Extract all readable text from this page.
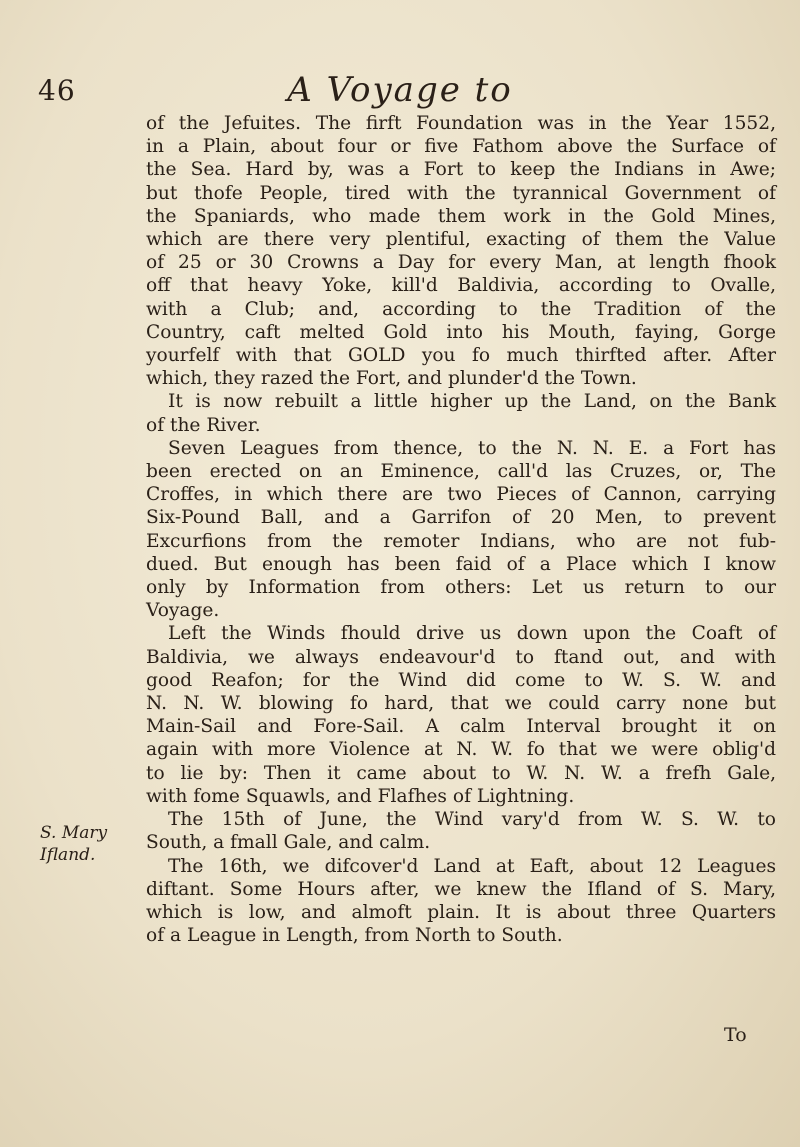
46	A Voyage to
S. Mary
Ifland.
of the Jefuites. The firft Foundation was in the Year 1552,
in a Plain, about four or five Fathom above the Surface of
the Sea. Hard by, was a Fort to keep the Indians in Awe;
but thofe People, tired with the tyrannical Government of
the Spaniards, who made them work in the Gold Mines,
which are there very plentiful, exacting of them the Value
of 25 or 30 Crowns a Day for every Man, at length fhook
off that heavy Yoke, kill'd Baldivia, according to Ovalle,
with a Club; and, according to the Tradition of the
Country, caft melted Gold into his Mouth, faying, Gorge
yourfelf with that GOLD you fo much thirfted after. After
which, they razed the Fort, and plunder'd the Town.
It is now rebuilt a little higher up the Land, on the Bank
of the River.
Seven Leagues from thence, to the N. N. E. a Fort has
been erected on an Eminence, call'd las Cruzes, or, The
Croffes, in which there are two Pieces of Cannon, carrying
Six-Pound Ball, and a Garrifon of 20 Men, to prevent
Excurfions from the remoter Indians, who are not fub-
dued. But enough has been faid of a Place which I know
only by Information from others: Let us return to our
Voyage.
Left the Winds fhould drive us down upon the Coaft of
Baldivia, we always endeavour'd to ftand out, and with
good Reafon; for the Wind did come to W. S. W. and
N. N. W. blowing fo hard, that we could carry none but
Main-Sail and Fore-Sail. A calm Interval brought it on
again with more Violence at N. W. fo that we were oblig'd
to lie by: Then it came about to W. N. W. a frefh Gale,
with fome Squawls, and Flafhes of Lightning.
The 15th of June, the Wind vary'd from W. S. W. to
South, a fmall Gale, and calm.
The 16th, we difcover'd Land at Eaft, about 12 Leagues
diftant. Some Hours after, we knew the Ifland of S. Mary,
which is low, and almoft plain. It is about three Quarters
of a League in Length, from North to South.
To
